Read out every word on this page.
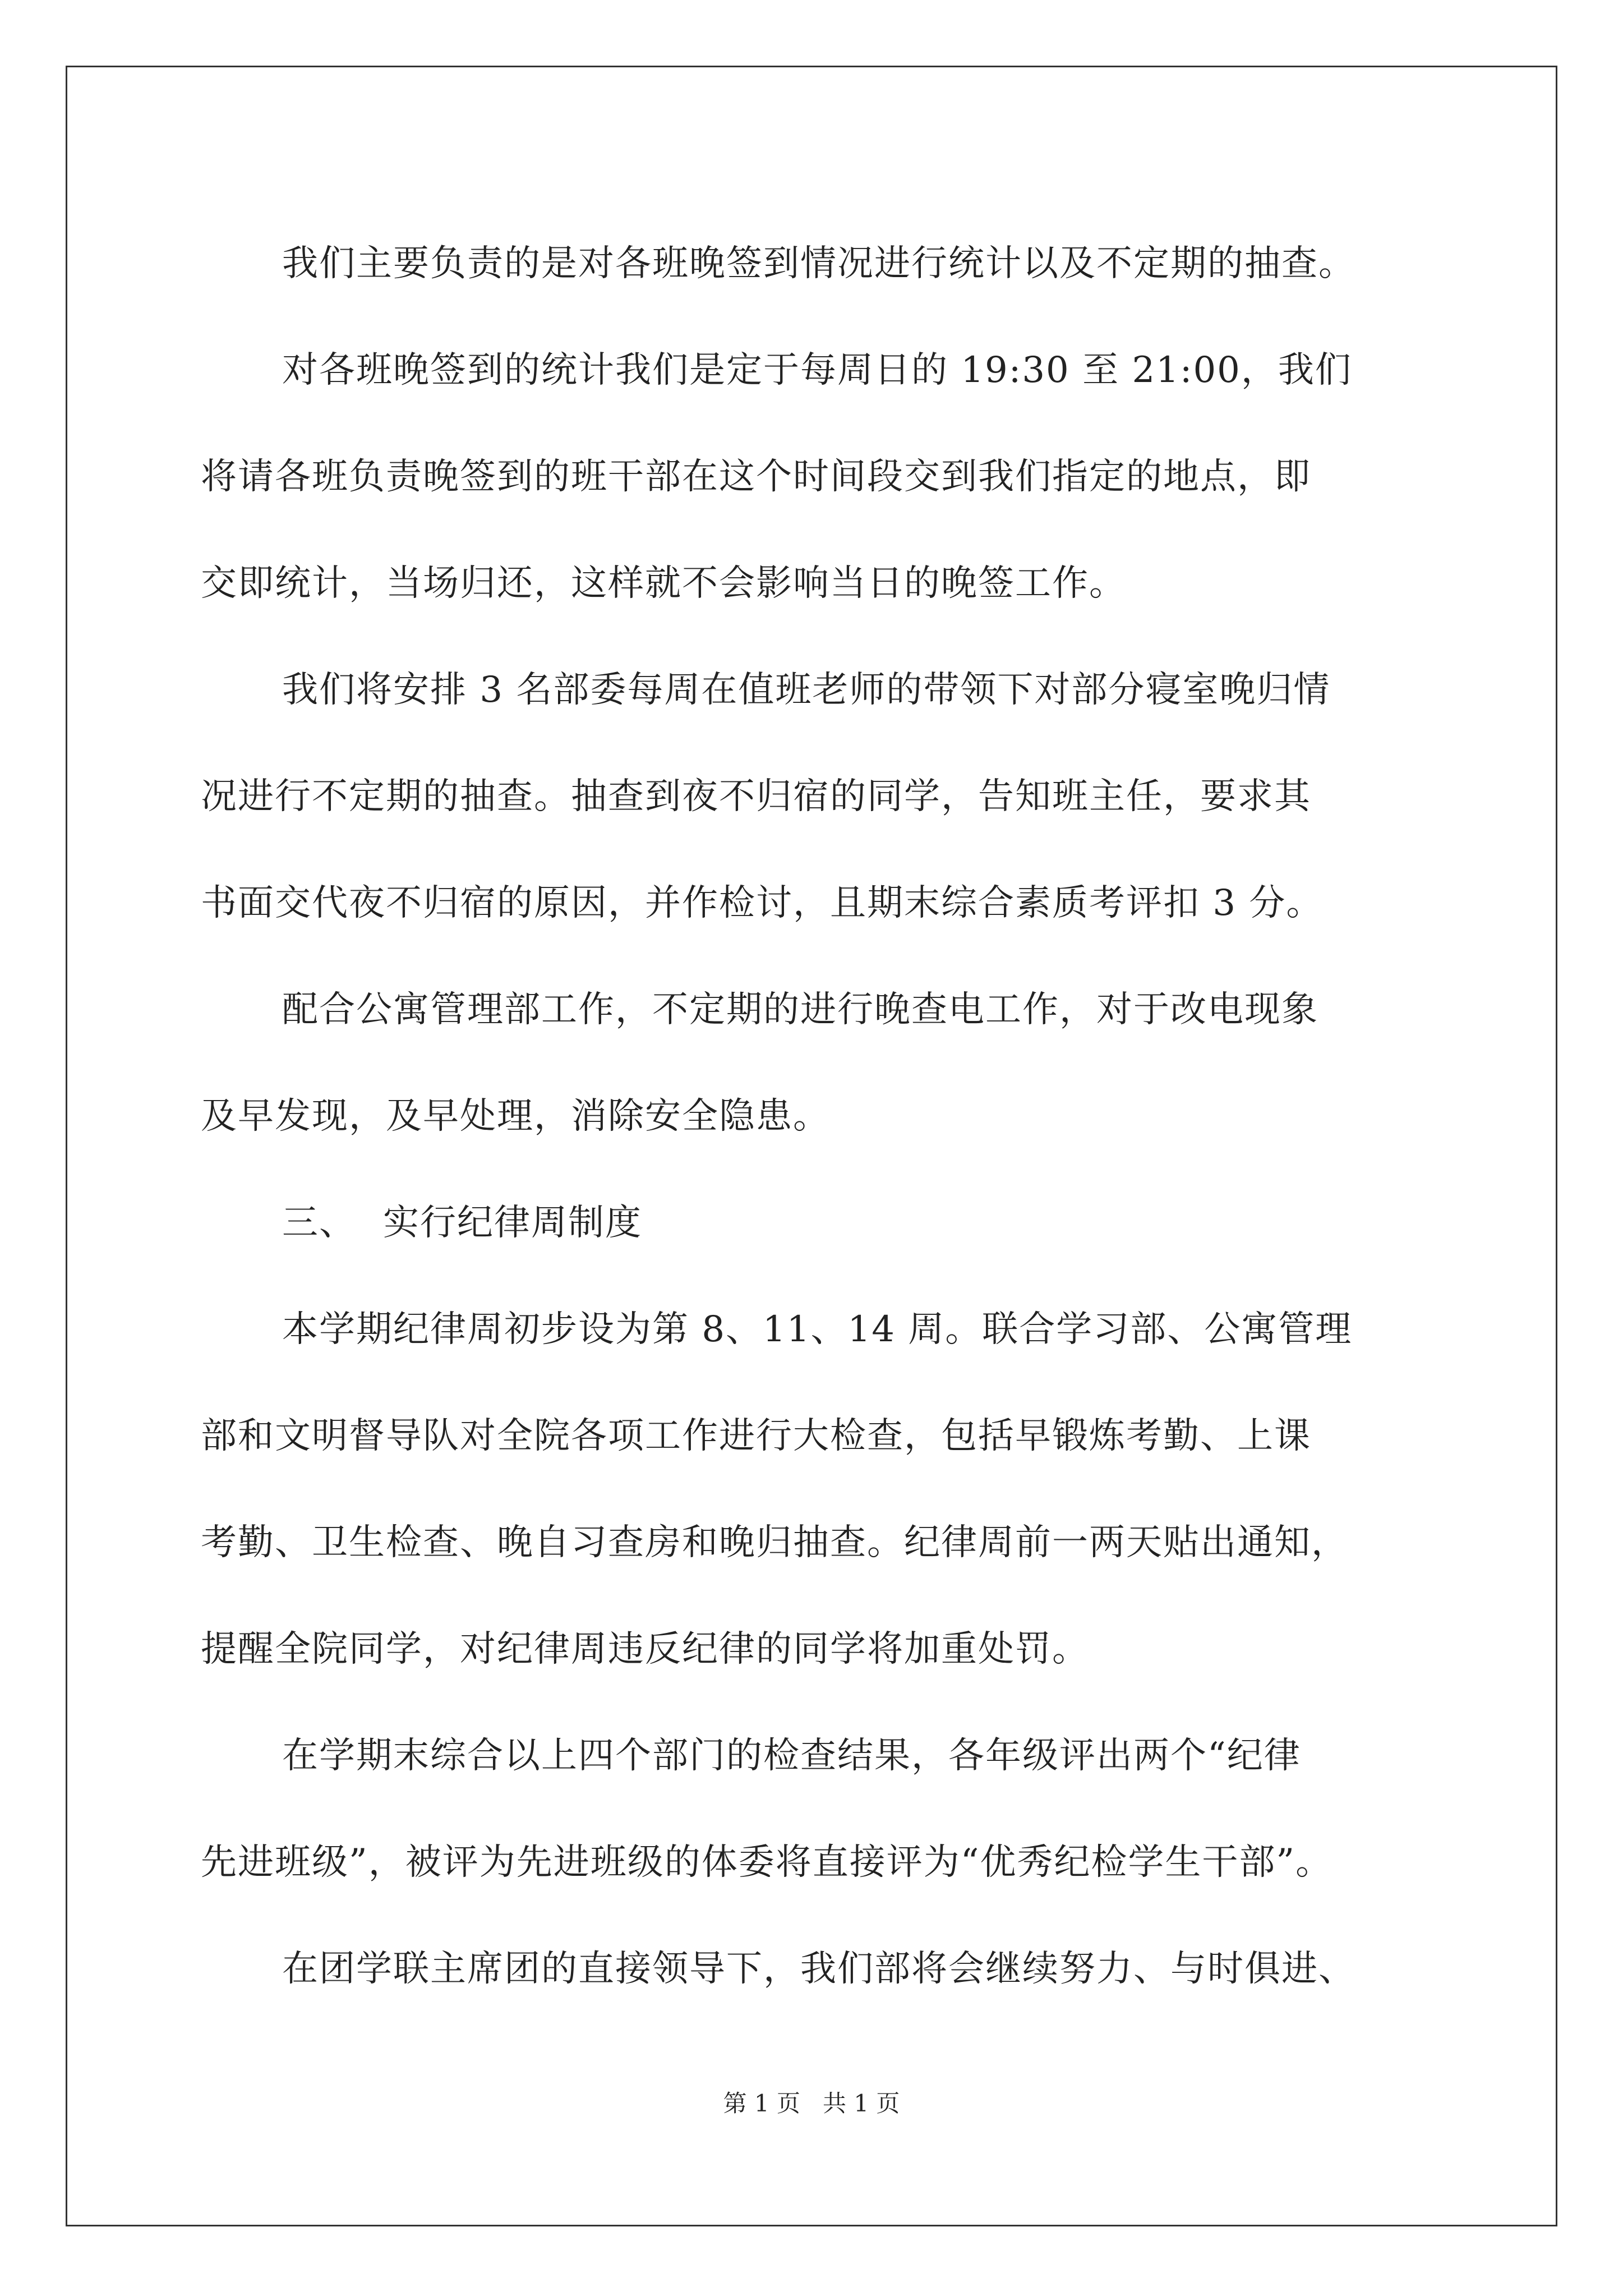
我们主要负责的是对各班晚签到情况进行统计以及不定期的抽查。
对各班晚签到的统计我们是定于每周日的 19:30 至 21:00，我们
将请各班负责晚签到的班干部在这个时间段交到我们指定的地点，即
交即统计，当场归还，这样就不会影响当日的晚签工作。
我们将安排 3 名部委每周在值班老师的带领下对部分寝室晚归情
况进行不定期的抽查。抽查到夜不归宿的同学，告知班主任，要求其
书面交代夜不归宿的原因，并作检讨，且期末综合素质考评扣 3 分。
配合公寓管理部工作，不定期的进行晚查电工作，对于改电现象
及早发现，及早处理，消除安全隐患。
三、 实行纪律周制度
本学期纪律周初步设为第 8、11、14 周。联合学习部、公寓管理
部和文明督导队对全院各项工作进行大检查，包括早锻炼考勤、上课
考勤、卫生检查、晚自习查房和晚归抽查。纪律周前一两天贴出通知，
提醒全院同学，对纪律周违反纪律的同学将加重处罚。
在学期末综合以上四个部门的检查结果，各年级评出两个“纪律
先进班级”，被评为先进班级的体委将直接评为“优秀纪检学生干部”。
在团学联主席团的直接领导下，我们部将会继续努力、与时俱进、
第 1 页 共 1 页
